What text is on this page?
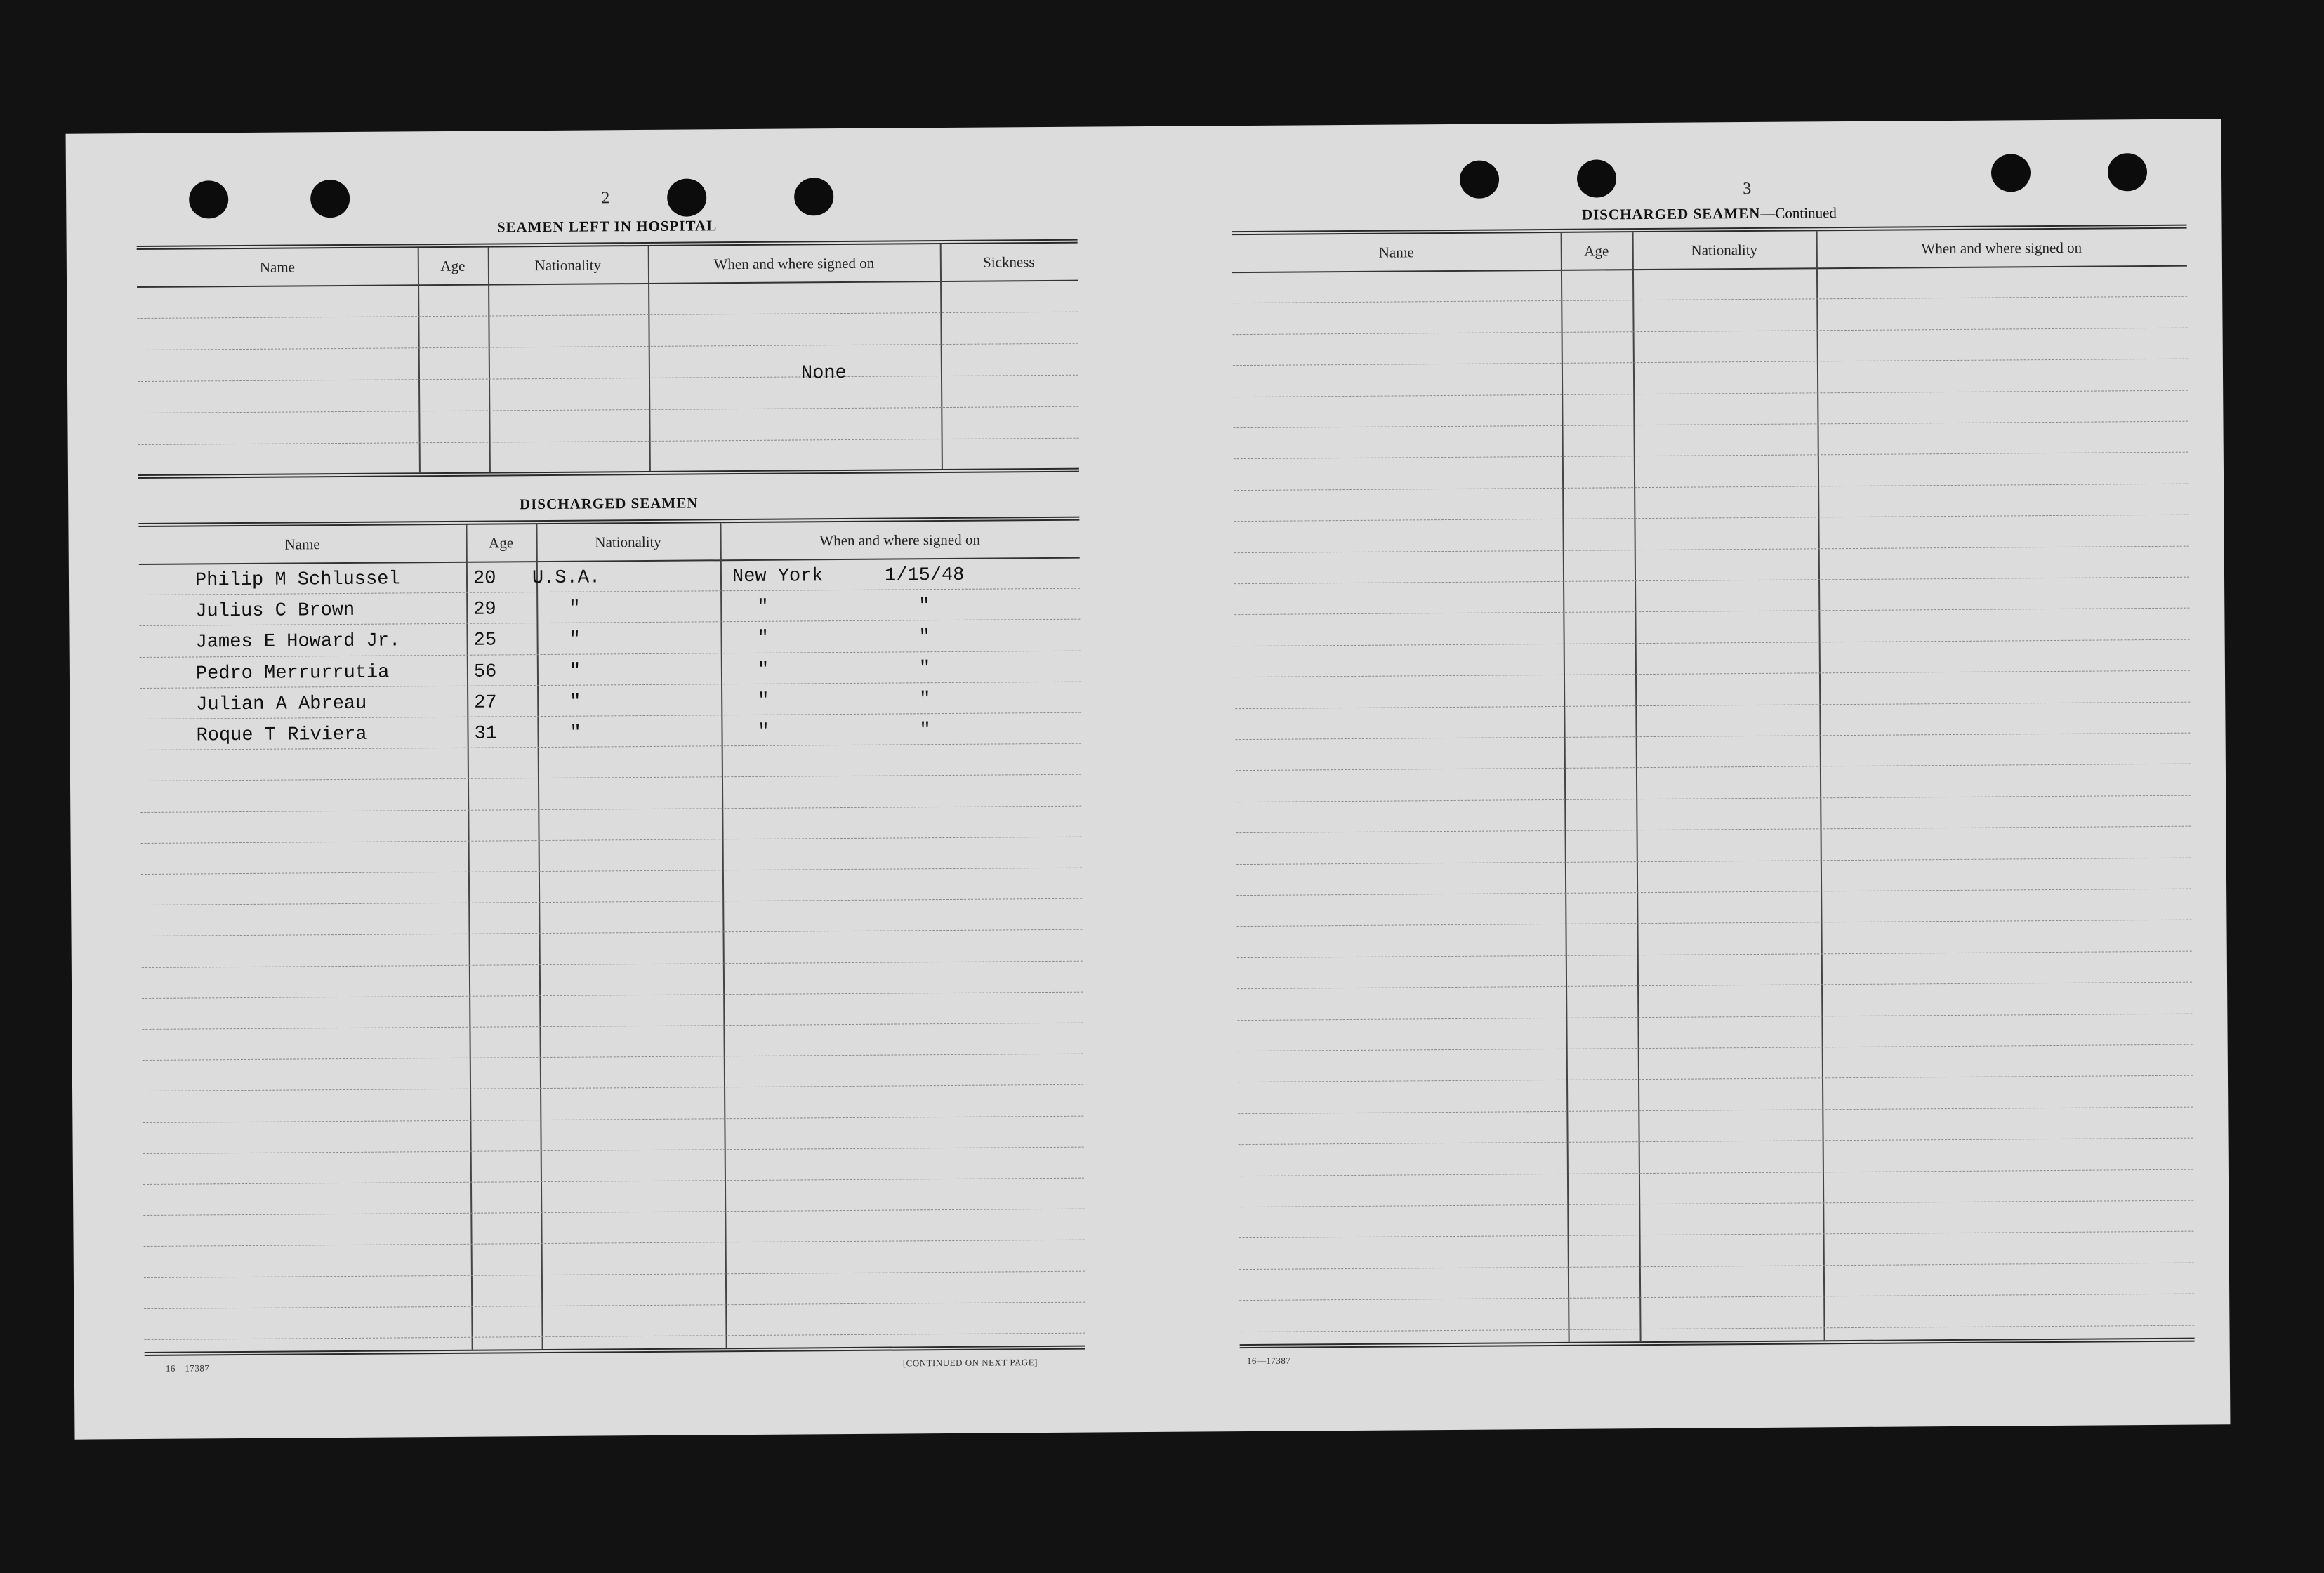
2
SEAMEN LEFT IN HOSPITAL
Name	Age	Nationality	When and where signed on	Sickness
None
DISCHARGED SEAMEN
Name	Age	Nationality	When and where signed on
Philip M Schlussel	20 U.S.A.	New York	1/15/48
Julius C Brown	29	"	"	"
James E Howard Jr.	25	"	"	"
Pedro Merrurrutia	56	"	"	"
Julian A Abreau	27	"	"	"
Roque T Riviera	31	"	"	"
16—17387	[CONTINUED ON NEXT PAGE]
3
DISCHARGED SEAMEN—Continued
Name	Age	Nationality	When and where signed on
16—17387
